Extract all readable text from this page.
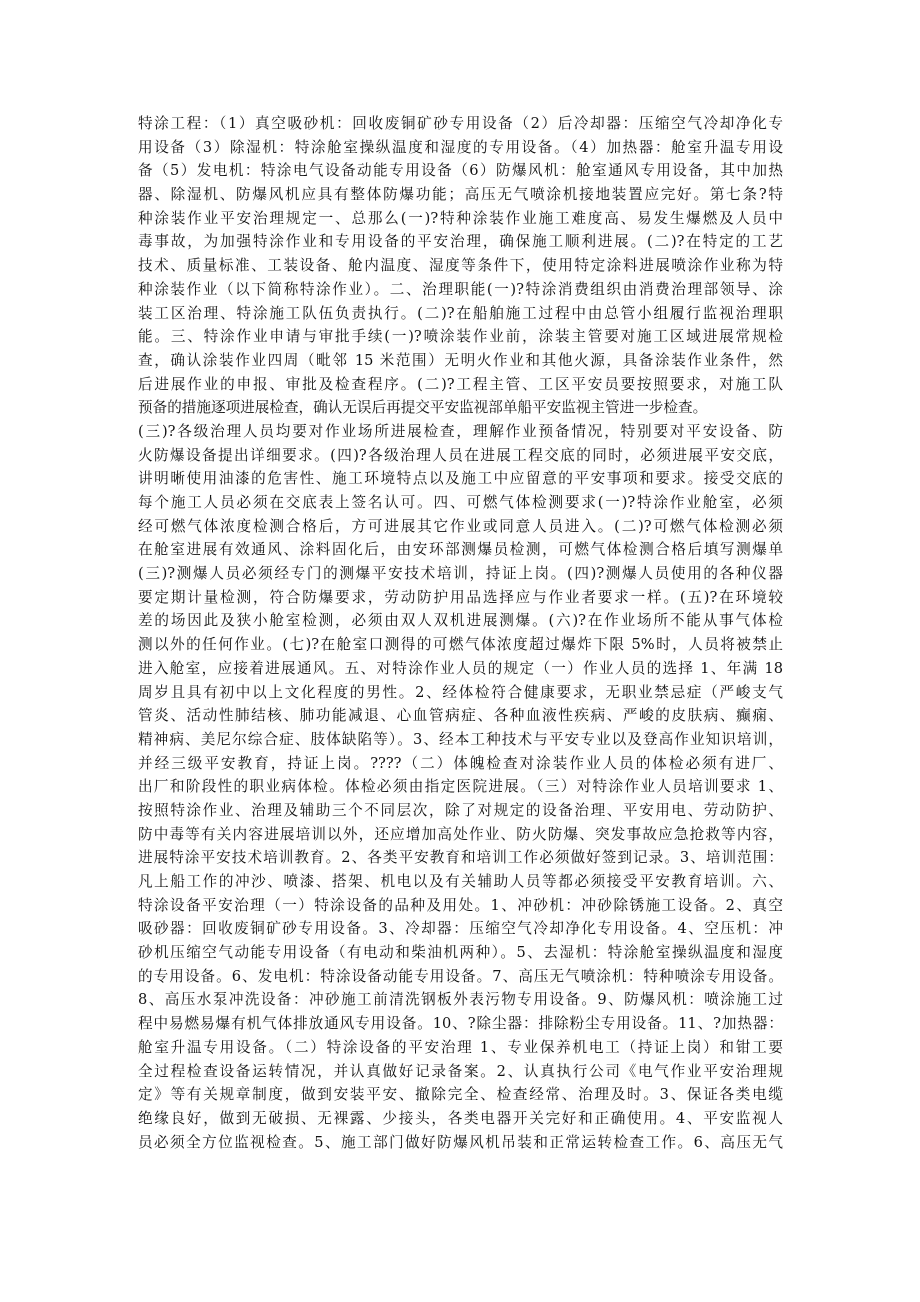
特涂工程：（1）真空吸砂机：回收废铜矿砂专用设备（2）后冷却器：压缩空气冷却净化专
用设备（3）除湿机：特涂舱室操纵温度和湿度的专用设备。（4）加热器：舱室升温专用设
备（5）发电机：特涂电气设备动能专用设备（6）防爆风机：舱室通风专用设备，其中加热
器、除湿机、防爆风机应具有整体防爆功能；高压无气喷涂机接地装置应完好。第七条?特
种涂装作业平安治理规定一、总那么(一)?特种涂装作业施工难度高、易发生爆燃及人员中
毒事故，为加强特涂作业和专用设备的平安治理，确保施工顺利进展。(二)?在特定的工艺
技术、质量标准、工装设备、舱内温度、湿度等条件下，使用特定涂料进展喷涂作业称为特
种涂装作业（以下简称特涂作业）。二、治理职能(一)?特涂消费组织由消费治理部领导、涂
装工区治理、特涂施工队伍负责执行。(二)?在船舶施工过程中由总管小组履行监视治理职
能。三、特涂作业申请与审批手续(一)?喷涂装作业前，涂装主管要对施工区域进展常规检
查，确认涂装作业四周（毗邻 15 米范围）无明火作业和其他火源，具备涂装作业条件，然
后进展作业的申报、审批及检查程序。(二)?工程主管、工区平安员要按照要求，对施工队
预备的措施逐项进展检查，确认无误后再提交平安监视部单船平安监视主管进一步检查。
(三)?各级治理人员均要对作业场所进展检查，理解作业预备情况，特别要对平安设备、防
火防爆设备提出详细要求。(四)?各级治理人员在进展工程交底的同时，必须进展平安交底，
讲明晰使用油漆的危害性、施工环境特点以及施工中应留意的平安事项和要求。接受交底的
每个施工人员必须在交底表上签名认可。四、可燃气体检测要求(一)?特涂作业舱室，必须
经可燃气体浓度检测合格后，方可进展其它作业或同意人员进入。(二)?可燃气体检测必须
在舱室进展有效通风、涂料固化后，由安环部测爆员检测，可燃气体检测合格后填写测爆单
(三)?测爆人员必须经专门的测爆平安技术培训，持证上岗。(四)?测爆人员使用的各种仪器
要定期计量检测，符合防爆要求，劳动防护用品选择应与作业者要求一样。(五)?在环境较
差的场因此及狭小舱室检测，必须由双人双机进展测爆。(六)?在作业场所不能从事气体检
测以外的任何作业。(七)?在舱室口测得的可燃气体浓度超过爆炸下限 5%时，人员将被禁止
进入舱室，应接着进展通风。五、对特涂作业人员的规定（一）作业人员的选择 1、年满 18
周岁且具有初中以上文化程度的男性。2、经体检符合健康要求，无职业禁忌症（严峻支气
管炎、活动性肺结核、肺功能减退、心血管病症、各种血液性疾病、严峻的皮肤病、癫痫、
精神病、美尼尔综合症、肢体缺陷等）。3、经本工种技术与平安专业以及登高作业知识培训，
并经三级平安教育，持证上岗。????（二）体魄检查对涂装作业人员的体检必须有进厂、
出厂和阶段性的职业病体检。体检必须由指定医院进展。（三）对特涂作业人员培训要求 1、
按照特涂作业、治理及辅助三个不同层次，除了对规定的设备治理、平安用电、劳动防护、
防中毒等有关内容进展培训以外，还应增加高处作业、防火防爆、突发事故应急抢救等内容，
进展特涂平安技术培训教育。2、各类平安教育和培训工作必须做好签到记录。3、培训范围：
凡上船工作的冲沙、喷漆、搭架、机电以及有关辅助人员等都必须接受平安教育培训。六、
特涂设备平安治理（一）特涂设备的品种及用处。1、冲砂机：冲砂除锈施工设备。2、真空
吸砂器：回收废铜矿砂专用设备。3、冷却器：压缩空气冷却净化专用设备。4、空压机：冲
砂机压缩空气动能专用设备（有电动和柴油机两种）。5、去湿机：特涂舱室操纵温度和湿度
的专用设备。6、发电机：特涂设备动能专用设备。7、高压无气喷涂机：特种喷涂专用设备。
8、高压水泵冲洗设备：冲砂施工前清洗钢板外表污物专用设备。9、防爆风机：喷涂施工过
程中易燃易爆有机气体排放通风专用设备。10、?除尘器：排除粉尘专用设备。11、?加热器：
舱室升温专用设备。（二）特涂设备的平安治理 1、专业保养机电工（持证上岗）和钳工要
全过程检查设备运转情况，并认真做好记录备案。2、认真执行公司《电气作业平安治理规
定》等有关规章制度，做到安装平安、撤除完全、检查经常、治理及时。3、保证各类电缆
绝缘良好，做到无破损、无裸露、少接头，各类电器开关完好和正确使用。4、平安监视人
员必须全方位监视检查。5、施工部门做好防爆风机吊装和正常运转检查工作。6、高压无气
